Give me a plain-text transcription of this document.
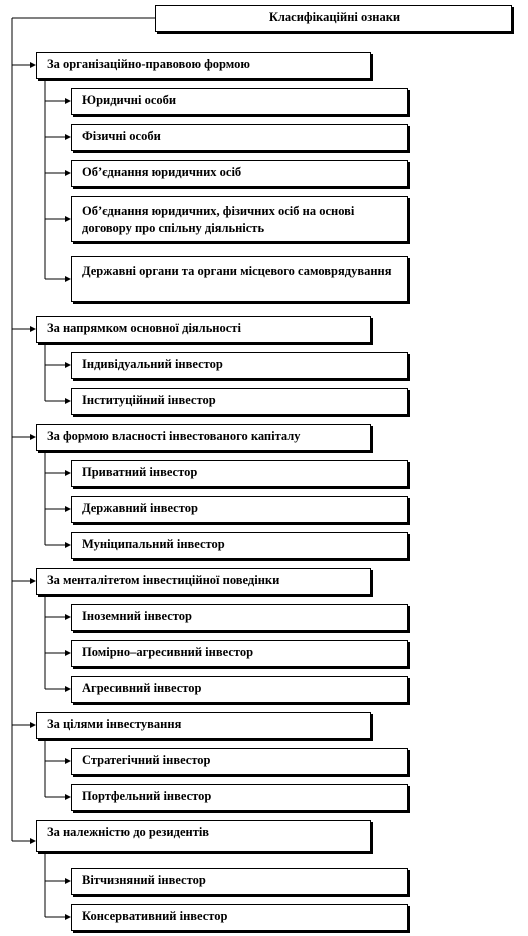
Класифікаційні ознаки
За організаційно-правовою формою
Юридичні особи
Фізичні особи
Об’єднання юридичних осіб
Об’єднання юридичних, фізичних осіб на основі договору про спільну діяльність
Державні органи та органи місцевого самоврядування
За напрямком основної діяльності
Індивідуальний інвестор
Інституційний інвестор
За формою власності інвестованого капіталу
Приватний інвестор
Державний інвестор
Муніципальний інвестор
За менталітетом інвестиційної поведінки
Іноземний інвестор
Помірно–агресивний інвестор
Агресивний інвестор
За цілями інвестування
Стратегічний інвестор
Портфельний інвестор
За належністю до резидентів
Вітчизняний інвестор
Консервативний інвестор
